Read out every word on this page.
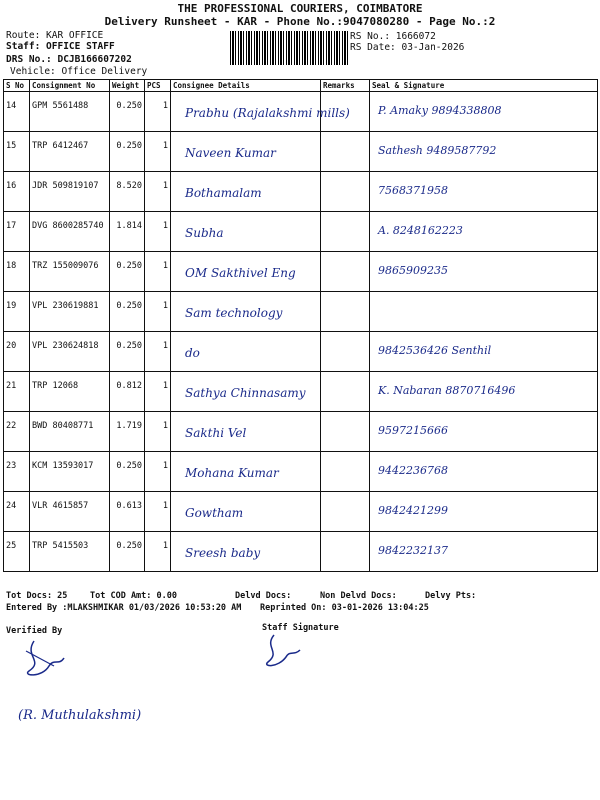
THE PROFESSIONAL COURIERS, COIMBATORE
Delivery Runsheet - KAR - Phone No.:9047080280 - Page No.:2
Route: KAR OFFICE
Staff: OFFICE STAFF
DRS No.: DCJB166607202
Vehicle: Office Delivery
RS No.: 1666072
RS Date: 03-Jan-2026
S No	Consignment No	Weight	PCS	Consignee Details	Remarks	Seal & Signature

14	GPM 5561488	0.250	1	Prabhu (Rajalakshmi mills)		P. Amaky 9894338808

15	TRP 6412467	0.250	1	Naveen Kumar		Sathesh 9489587792

16	JDR 509819107	8.520	1	Bothamalam		7568371958

17	DVG 8600285740	1.814	1	Subha		A. 8248162223

18	TRZ 155009076	0.250	1	OM Sakthivel Eng		9865909235

19	VPL 230619881	0.250	1	Sam technology		

20	VPL 230624818	0.250	1	do		9842536426 Senthil

21	TRP 12068	0.812	1	Sathya Chinnasamy		K. Nabaran 8870716496

22	BWD 80408771	1.719	1	Sakthi Vel		9597215666

23	KCM 13593017	0.250	1	Mohana Kumar		9442236768

24	VLR 4615857	0.613	1	Gowtham		9842421299

25	TRP 5415503	0.250	1	Sreesh baby		9842232137
Tot Docs: 25	Tot COD Amt: 0.00	Delvd Docs:	Non Delvd Docs:	Delvy Pts:
Entered By :MLAKSHMIKAR 01/03/2026 10:53:20 AM Reprinted On: 03-01-2026 13:04:25
Verified By	Staff Signature
(R. Muthulakshmi)
